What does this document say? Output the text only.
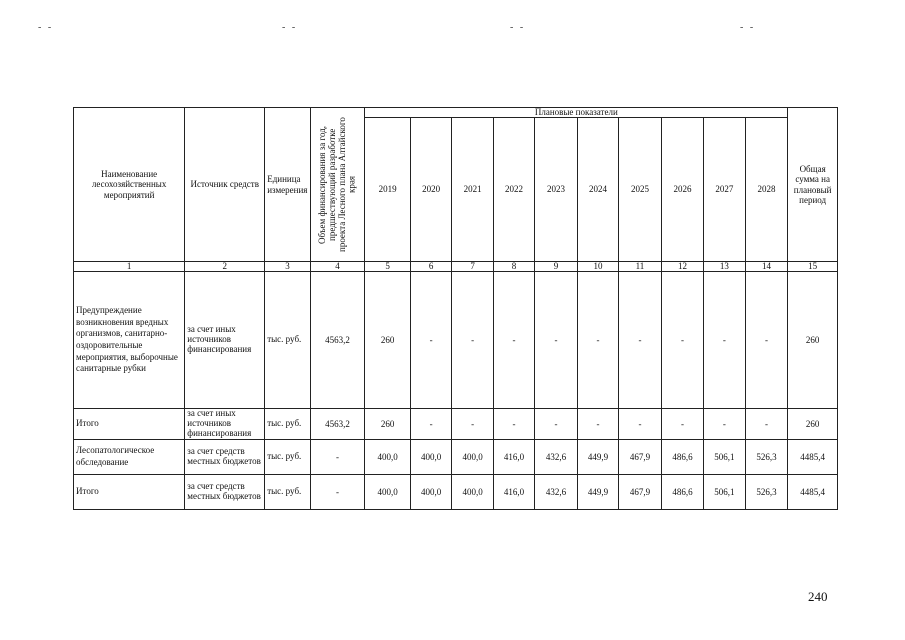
- -	- -	- -	- -
Наименование лесохозяйственных мероприятий	Источник средств	Единица измерения	Объем финансирования за год, предшествующий разработке проекта Лесного плана Алтайского края	Плановые показатели										Общая сумма на плановый период
				2019	2020	2021	2022	2023	2024	2025	2026	2027	2028	
1	2	3	4	5	6	7	8	9	10	11	12	13	14	15
Предупреждение возникновения вредных организмов, санитарно-оздоровительные мероприятия, выборочные санитарные рубки	за счет иных источников финансирования	тыс. руб.	4563,2	260	-	-	-	-	-	-	-	-	-	260
Итого	за счет иных источников финансирования	тыс. руб.	4563,2	260	-	-	-	-	-	-	-	-	-	260
Лесопатологическое обследование	за счет средств местных бюджетов	тыс. руб.	-	400,0	400,0	400,0	416,0	432,6	449,9	467,9	486,6	506,1	526,3	4485,4
Итого	за счет средств местных бюджетов	тыс. руб.	-	400,0	400,0	400,0	416,0	432,6	449,9	467,9	486,6	506,1	526,3	4485,4
240
